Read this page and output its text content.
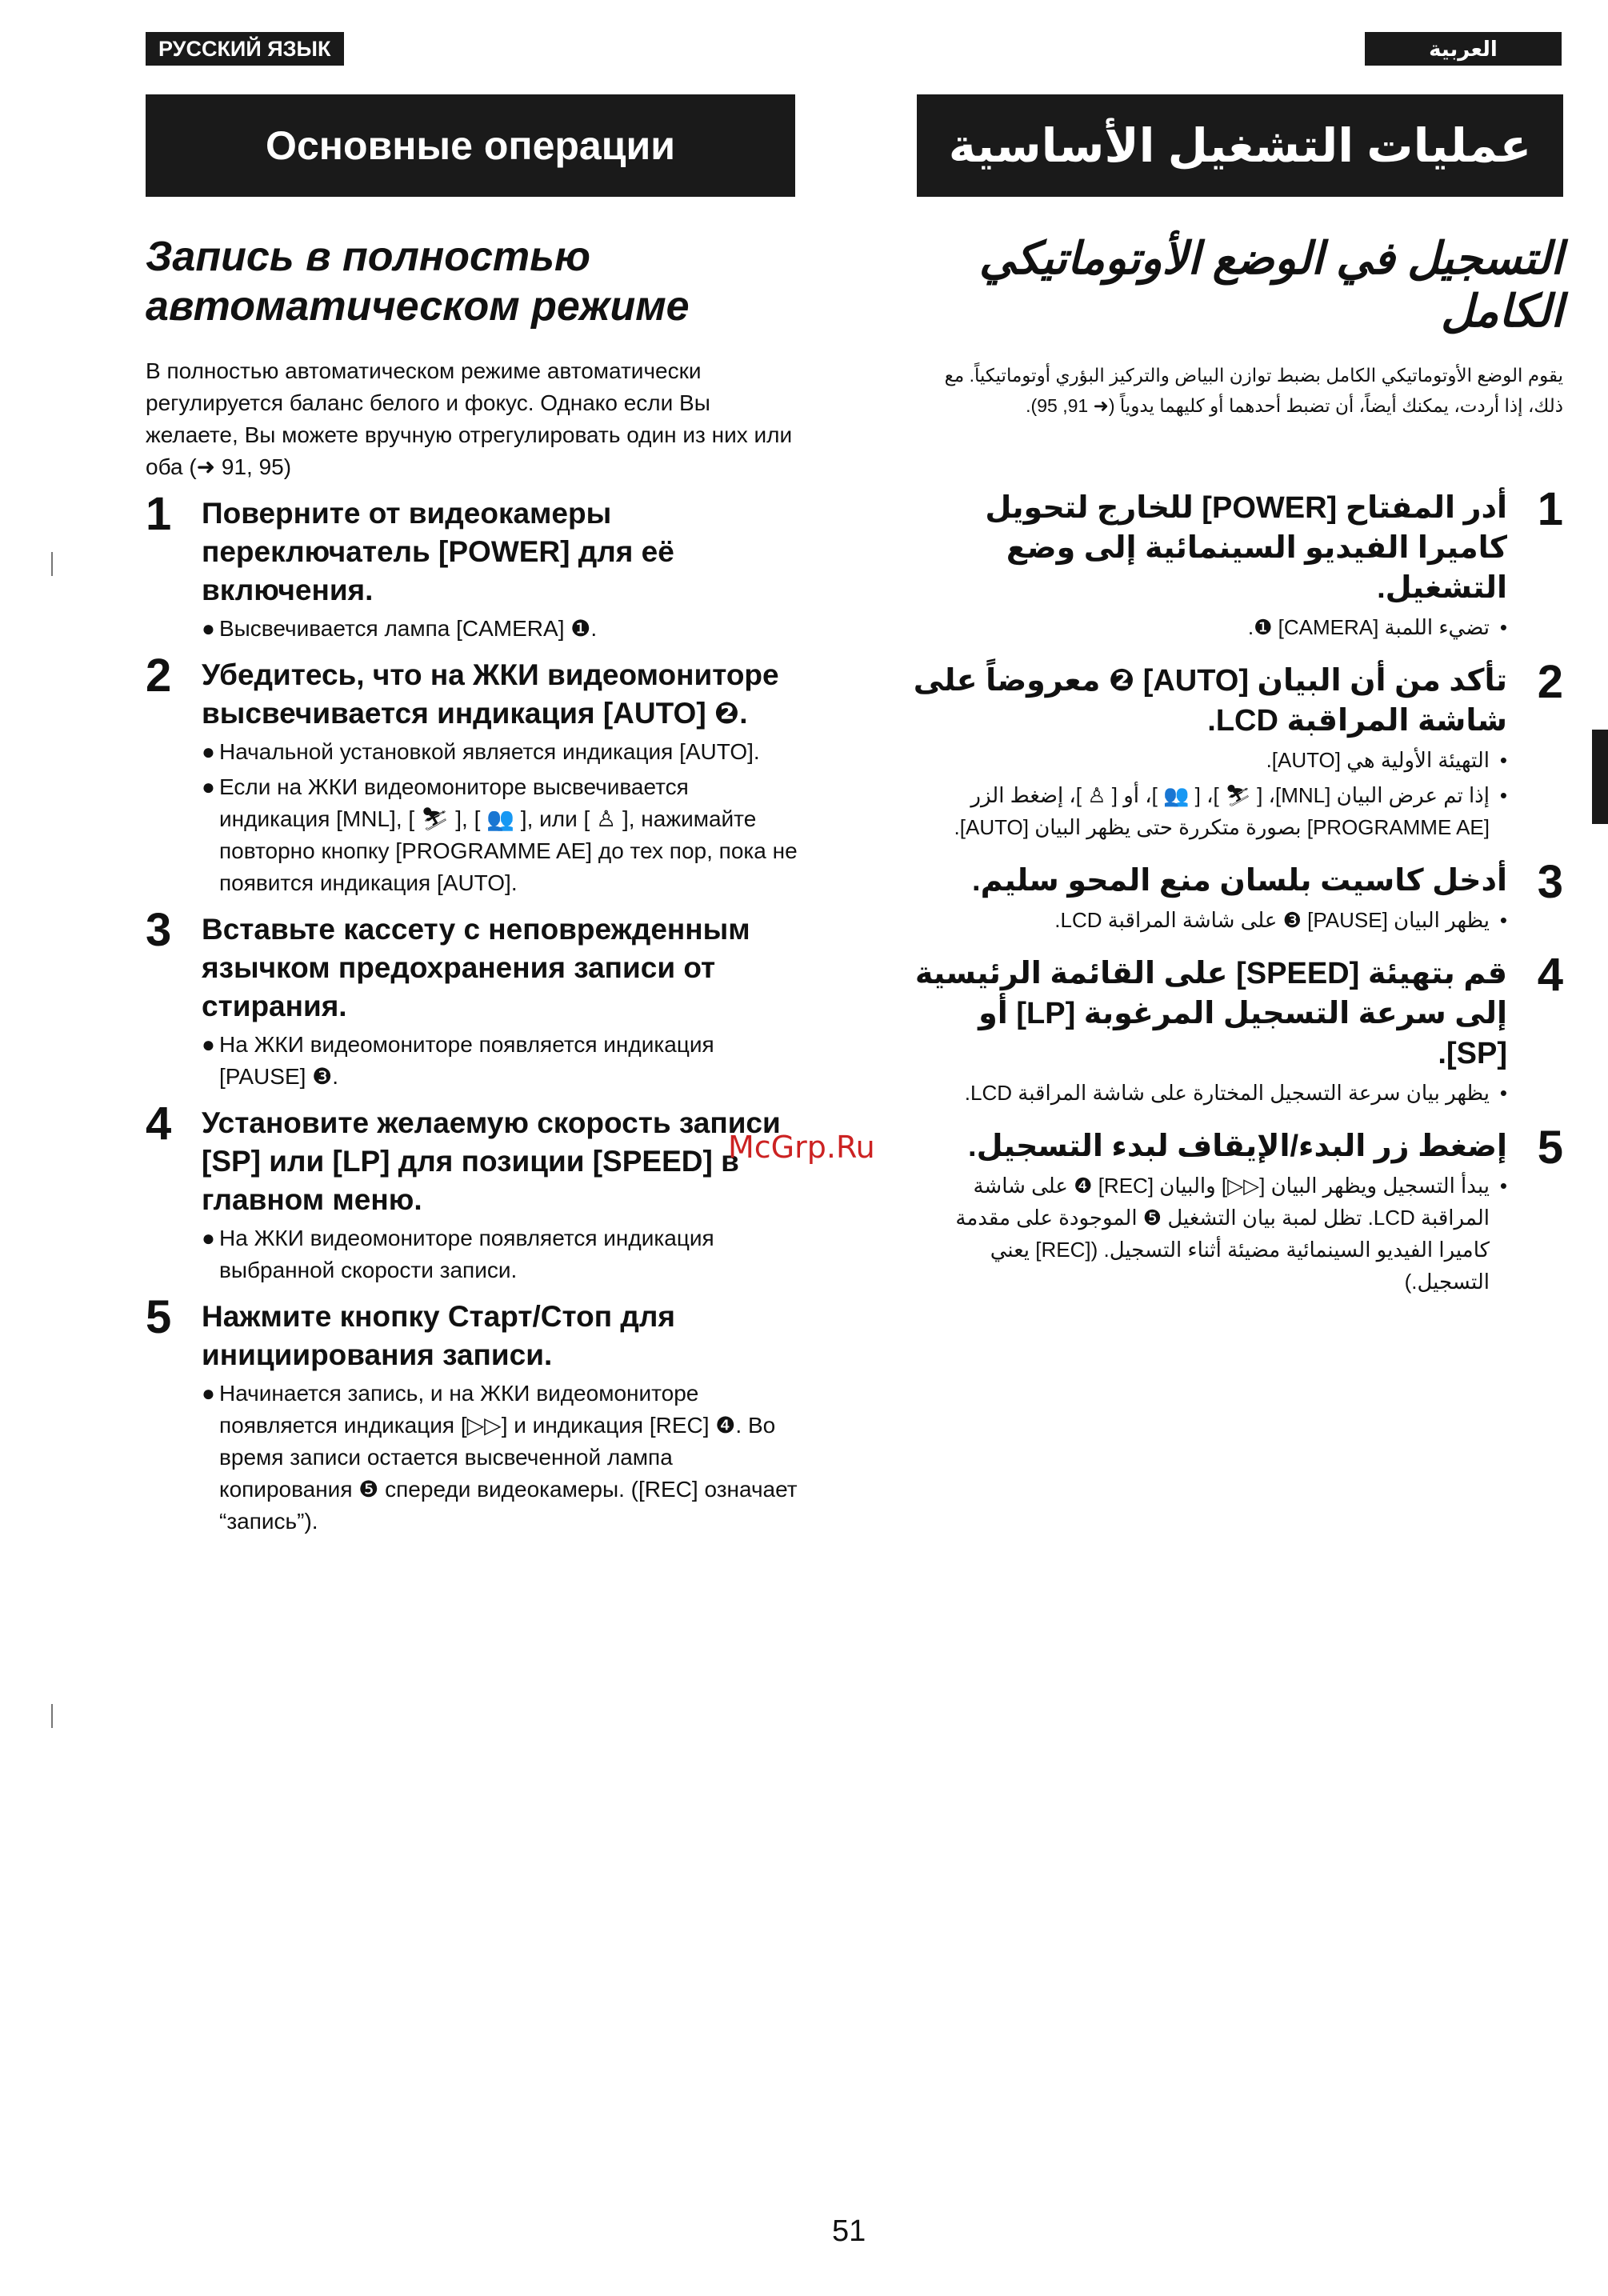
РУССКИЙ ЯЗЫК	العربية
Основные операции	عمليات التشغيل الأساسية
Запись в полностью автоматическом режиме
В полностью автоматическом режиме автоматически регулируется баланс белого и фокус. Однако если Вы желаете, Вы можете вручную отрегулировать один из них или оба (➜ 91, 95)
1 Поверните от видеокамеры переключатель [POWER] для её включения.
● Высвечивается лампа [CAMERA] ❶.
2 Убедитесь, что на ЖКИ видеомониторе высвечивается индикация [AUTO] ❷.
● Начальной установкой является индикация [AUTO].
● Если на ЖКИ видеомониторе высвечивается индикация [MNL], [ ⛷ ], [ 👥 ], или [ ♙ ], нажимайте повторно кнопку [PROGRAMME AE] до тех пор, пока не появится индикация [AUTO].
3 Вставьте кассету с неповрежденным язычком предохранения записи от стирания.
● На ЖКИ видеомониторе появляется индикация [PAUSE] ❸.
4 Установите желаемую скорость записи [SP] или [LP] для позиции [SPEED] в главном меню.
● На ЖКИ видеомониторе появляется индикация выбранной скорости записи.
5 Нажмите кнопку Старт/Стоп для инициирования записи.
● Начинается запись, и на ЖКИ видеомониторе появляется индикация [▷▷] и индикация [REC] ❹. Во время записи остается высвеченной лампа копирования ❺ спереди видеокамеры. ([REC] означает “запись”).
التسجيل في الوضع الأوتوماتيكي الكامل
يقوم الوضع الأوتوماتيكي الكامل بضبط توازن البياض والتركيز البؤري أوتوماتيكياً. مع ذلك، إذا أردت، يمكنك أيضاً، أن تضبط أحدهما أو كليهما يدوياً (➜ 91, 95).
1
أدر المفتاح [POWER] للخارج لتحويل كاميرا الفيديو السينمائية إلى وضع التشغيل.
•
تضيء اللمبة [CAMERA] ❶.
2
تأكد من أن البيان [AUTO] ❷ معروضاً على شاشة المراقبة LCD.
•
التهيئة الأولية هي [AUTO].
•
إذا تم عرض البيان [MNL]، [ ⛷ ]، [ 👥 ]، أو [ ♙ ]، إضغط الزر [PROGRAMME AE] بصورة متكررة حتى يظهر البيان [AUTO].
3
أدخل كاسيت بلسان منع المحو سليم.
•
يظهر البيان [PAUSE] ❸ على شاشة المراقبة LCD.
4
قم بتهيئة [SPEED] على القائمة الرئيسية إلى سرعة التسجيل المرغوبة [LP] أو [SP].
•
يظهر بيان سرعة التسجيل المختارة على شاشة المراقبة LCD.
5
إضغط زر البدء/الإيقاف لبدء التسجيل.
•
يبدأ التسجيل ويظهر البيان [▷▷] والبيان [REC] ❹ على شاشة المراقبة LCD. تظل لمبة بيان التشغيل ❺ الموجودة على مقدمة كاميرا الفيديو السينمائية مضيئة أثناء التسجيل. ([REC] يعني التسجيل.)
McGrp.Ru
51
